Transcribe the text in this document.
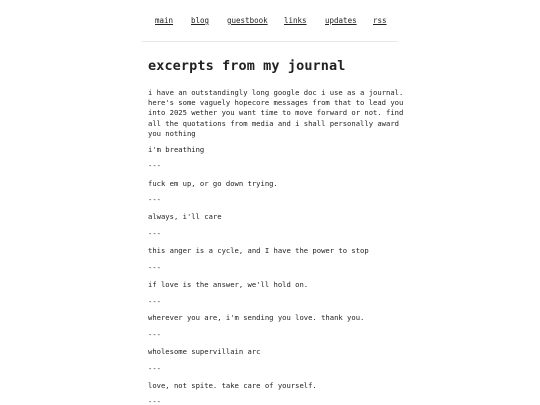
main blog guestbook links updates rss
excerpts from my journal
i have an outstandingly long google doc i use as a journal.
here's some vaguely hopecore messages from that to lead you
into 2025 wether you want time to move forward or not. find
all the quotations from media and i shall personally award
you nothing
i'm breathing
---
fuck em up, or go down trying.
---
always, i'll care
---
this anger is a cycle, and I have the power to stop
---
if love is the answer, we'll hold on.
---
wherever you are, i'm sending you love. thank you.
---
wholesome supervillain arc
---
love, not spite. take care of yourself.
---
